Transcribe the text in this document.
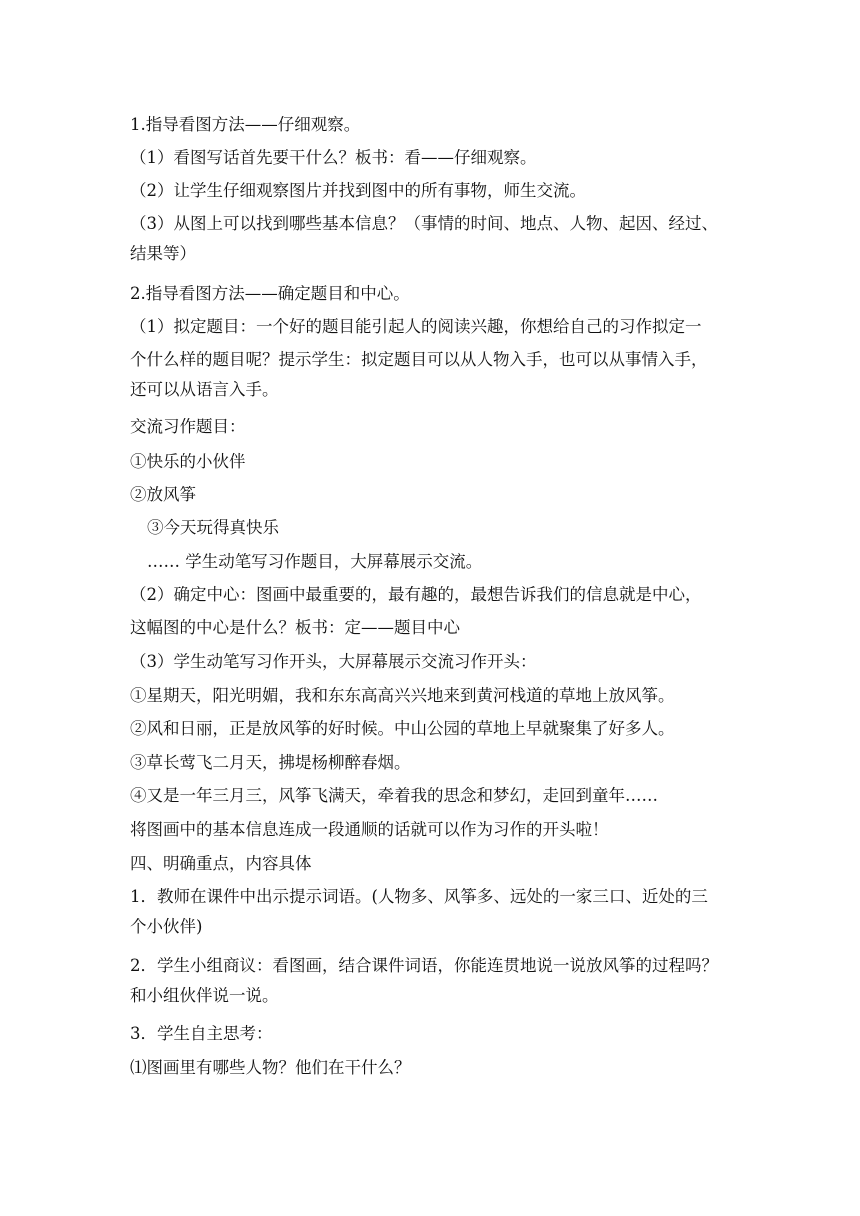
1.指导看图方法——仔细观察。
（1）看图写话首先要干什么？板书：看——仔细观察。
（2）让学生仔细观察图片并找到图中的所有事物，师生交流。
（3）从图上可以找到哪些基本信息？（事情的时间、地点、人物、起因、经过、
结果等）
2.指导看图方法——确定题目和中心。
（1）拟定题目：一个好的题目能引起人的阅读兴趣，你想给自己的习作拟定一
个什么样的题目呢？提示学生：拟定题目可以从人物入手，也可以从事情入手，
还可以从语言入手。
交流习作题目：
①快乐的小伙伴
②放风筝
③今天玩得真快乐
…… 学生动笔写习作题目，大屏幕展示交流。
（2）确定中心：图画中最重要的，最有趣的，最想告诉我们的信息就是中心，
这幅图的中心是什么？板书：定——题目中心
（3）学生动笔写习作开头，大屏幕展示交流习作开头：
①星期天，阳光明媚，我和东东高高兴兴地来到黄河栈道的草地上放风筝。
②风和日丽，正是放风筝的好时候。中山公园的草地上早就聚集了好多人。
③草长莺飞二月天，拂堤杨柳醉春烟。
④又是一年三月三，风筝飞满天，牵着我的思念和梦幻，走回到童年……
将图画中的基本信息连成一段通顺的话就可以作为习作的开头啦！
四、明确重点，内容具体
1．教师在课件中出示提示词语。(人物多、风筝多、远处的一家三口、近处的三
个小伙伴)
2．学生小组商议：看图画，结合课件词语，你能连贯地说一说放风筝的过程吗？
和小组伙伴说一说。
3．学生自主思考：
⑴图画里有哪些人物？他们在干什么？
